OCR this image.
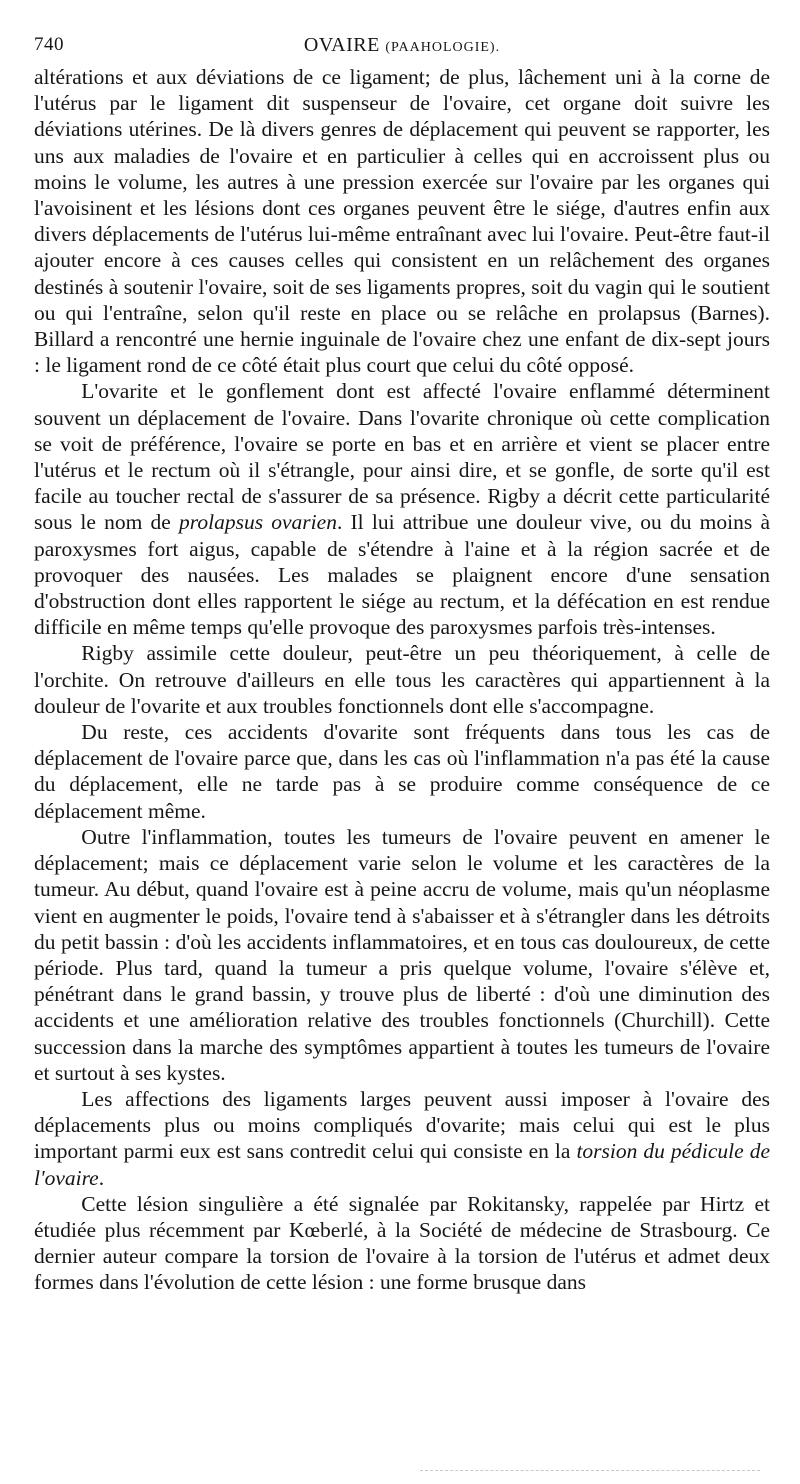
740	OVAIRE (PAAHOLOGIE).

altérations et aux déviations de ce ligament; de plus, lâchement uni à la corne de l'utérus par le ligament dit suspenseur de l'ovaire, cet organe doit suivre les déviations utérines. De là divers genres de déplacement qui peuvent se rapporter, les uns aux maladies de l'ovaire et en particulier à celles qui en accroissent plus ou moins le volume, les autres à une pression exercée sur l'ovaire par les organes qui l'avoisinent et les lésions dont ces organes peuvent être le siége, d'autres enfin aux divers déplacements de l'utérus lui-même entraînant avec lui l'ovaire. Peut-être faut-il ajouter encore à ces causes celles qui consistent en un relâchement des organes destinés à soutenir l'ovaire, soit de ses ligaments propres, soit du vagin qui le soutient ou qui l'entraîne, selon qu'il reste en place ou se relâche en prolapsus (Barnes). Billard a rencontré une hernie inguinale de l'ovaire chez une enfant de dix-sept jours : le ligament rond de ce côté était plus court que celui du côté opposé.

L'ovarite et le gonflement dont est affecté l'ovaire enflammé déterminent souvent un déplacement de l'ovaire. Dans l'ovarite chronique où cette complication se voit de préférence, l'ovaire se porte en bas et en arrière et vient se placer entre l'utérus et le rectum où il s'étrangle, pour ainsi dire, et se gonfle, de sorte qu'il est facile au toucher rectal de s'assurer de sa présence. Rigby a décrit cette particularité sous le nom de prolapsus ovarien. Il lui attribue une douleur vive, ou du moins à paroxysmes fort aigus, capable de s'étendre à l'aine et à la région sacrée et de provoquer des nausées. Les malades se plaignent encore d'une sensation d'obstruction dont elles rapportent le siége au rectum, et la défécation en est rendue difficile en même temps qu'elle provoque des paroxysmes parfois très-intenses.

Rigby assimile cette douleur, peut-être un peu théoriquement, à celle de l'orchite. On retrouve d'ailleurs en elle tous les caractères qui appartiennent à la douleur de l'ovarite et aux troubles fonctionnels dont elle s'accompagne.

Du reste, ces accidents d'ovarite sont fréquents dans tous les cas de déplacement de l'ovaire parce que, dans les cas où l'inflammation n'a pas été la cause du déplacement, elle ne tarde pas à se produire comme conséquence de ce déplacement même.

Outre l'inflammation, toutes les tumeurs de l'ovaire peuvent en amener le déplacement; mais ce déplacement varie selon le volume et les caractères de la tumeur. Au début, quand l'ovaire est à peine accru de volume, mais qu'un néoplasme vient en augmenter le poids, l'ovaire tend à s'abaisser et à s'étrangler dans les détroits du petit bassin : d'où les accidents inflammatoires, et en tous cas douloureux, de cette période. Plus tard, quand la tumeur a pris quelque volume, l'ovaire s'élève et, pénétrant dans le grand bassin, y trouve plus de liberté : d'où une diminution des accidents et une amélioration relative des troubles fonctionnels (Churchill). Cette succession dans la marche des symptômes appartient à toutes les tumeurs de l'ovaire et surtout à ses kystes.

Les affections des ligaments larges peuvent aussi imposer à l'ovaire des déplacements plus ou moins compliqués d'ovarite; mais celui qui est le plus important parmi eux est sans contredit celui qui consiste en la torsion du pédicule de l'ovaire.

Cette lésion singulière a été signalée par Rokitansky, rappelée par Hirtz et étudiée plus récemment par Kœberlé, à la Société de médecine de Strasbourg. Ce dernier auteur compare la torsion de l'ovaire à la torsion de l'utérus et admet deux formes dans l'évolution de cette lésion : une forme brusque dans
